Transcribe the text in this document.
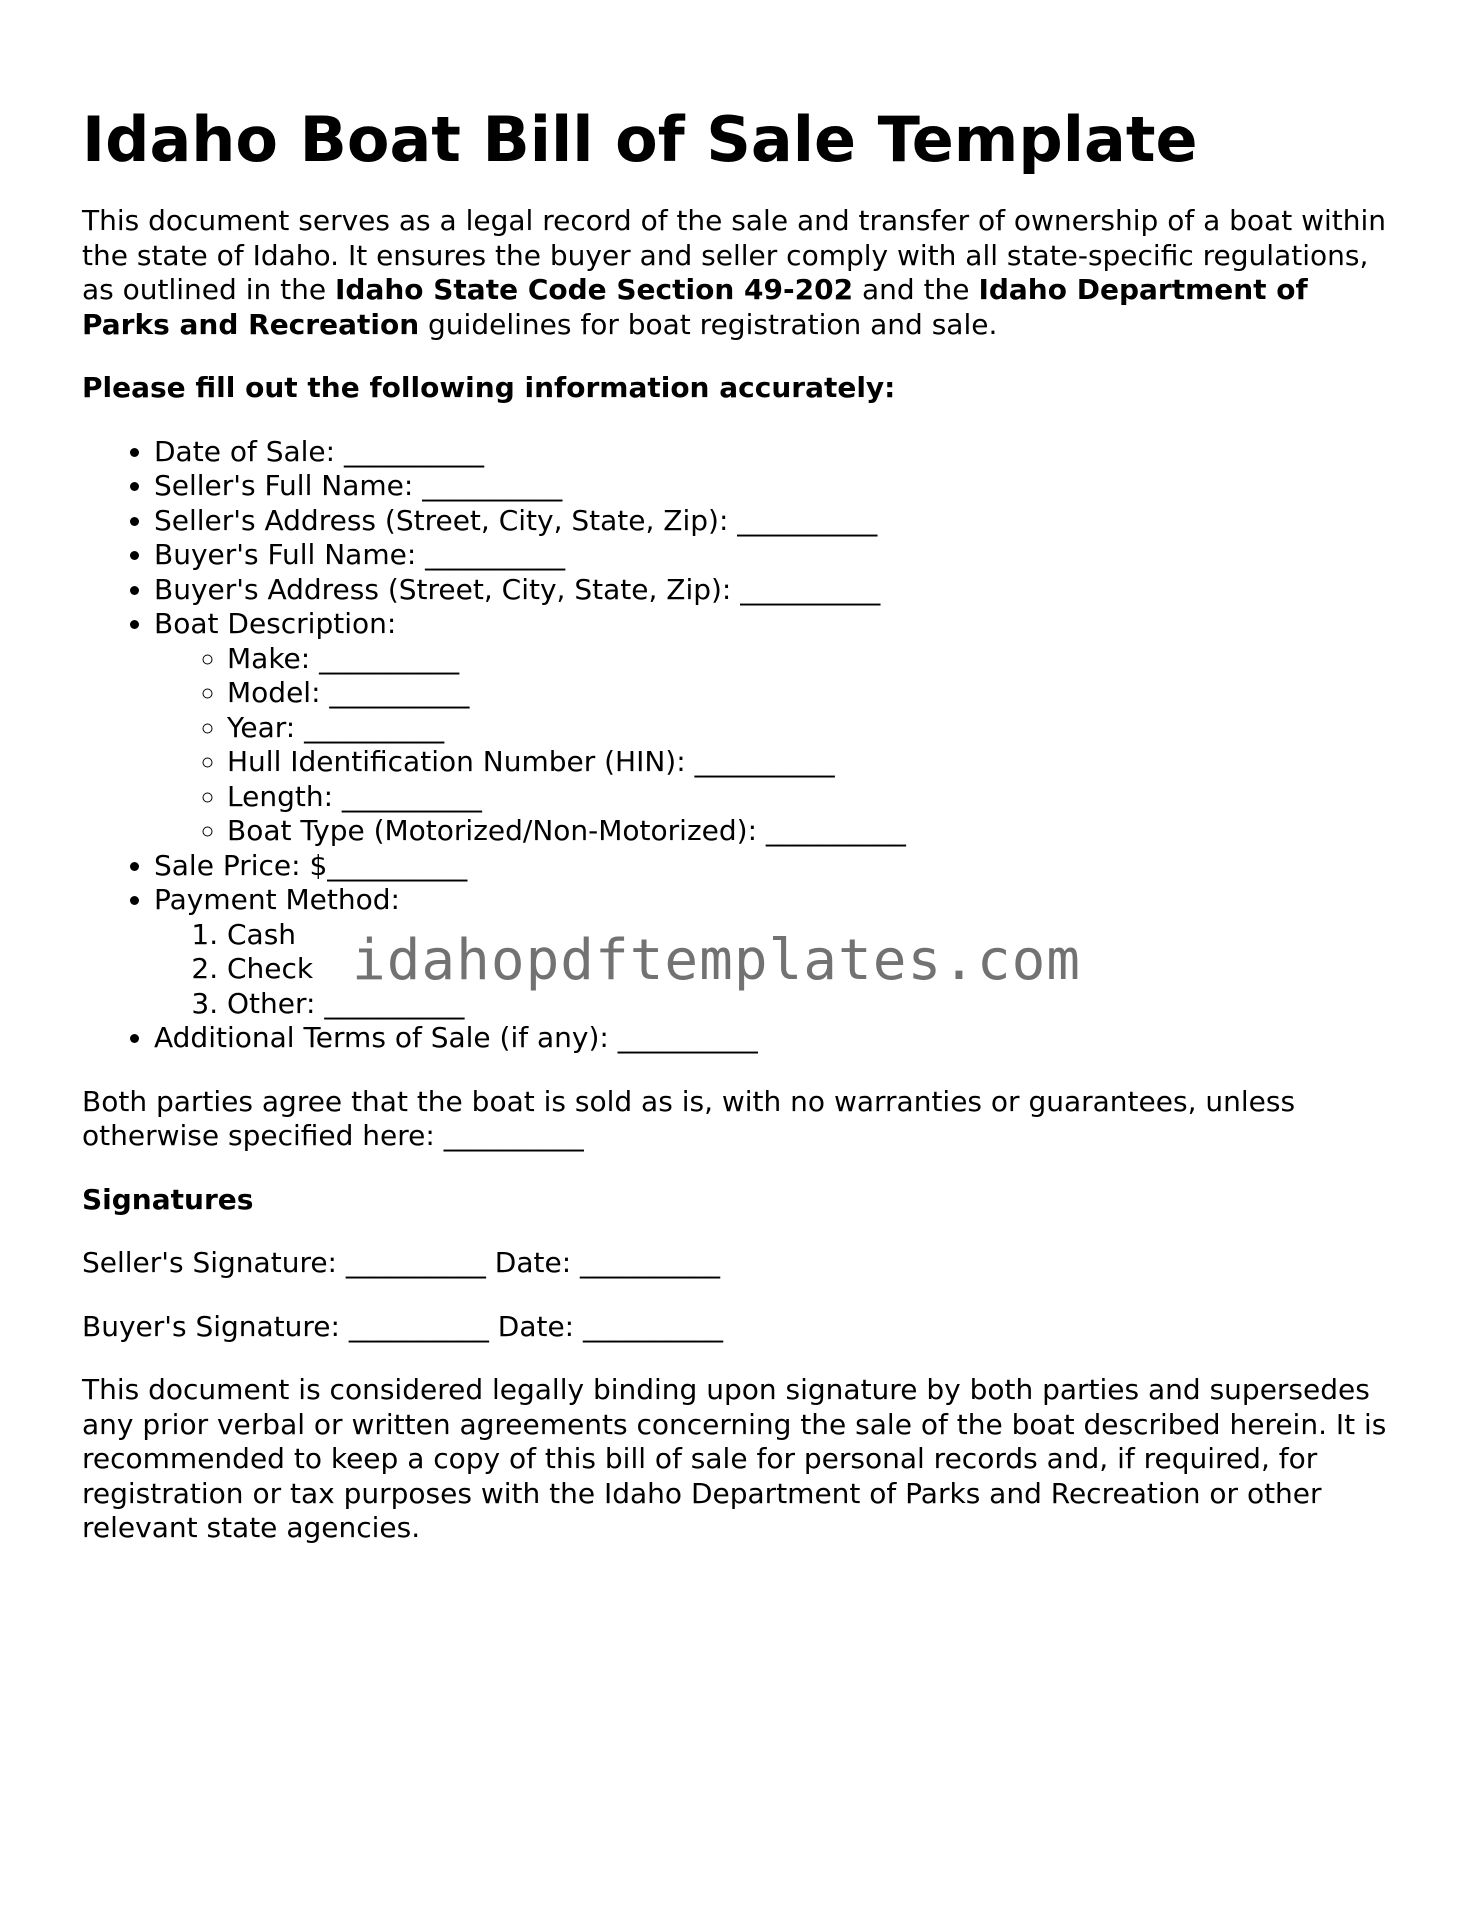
Idaho Boat Bill of Sale Template

This document serves as a legal record of the sale and transfer of ownership of a boat within the state of Idaho. It ensures the buyer and seller comply with all state-specific regulations, as outlined in the Idaho State Code Section 49-202 and the Idaho Department of Parks and Recreation guidelines for boat registration and sale.

Please fill out the following information accurately:

• Date of Sale: __________
• Seller's Full Name: __________
• Seller's Address (Street, City, State, Zip): __________
• Buyer's Full Name: __________
• Buyer's Address (Street, City, State, Zip): __________
• Boat Description:
◦ Make: __________
◦ Model: __________
◦ Year: __________
◦ Hull Identification Number (HIN): __________
◦ Length: __________
◦ Boat Type (Motorized/Non-Motorized): __________
• Sale Price: $__________
• Payment Method:
1. Cash
2. Check
3. Other: __________
• Additional Terms of Sale (if any): __________

Both parties agree that the boat is sold as is, with no warranties or guarantees, unless otherwise specified here: __________

Signatures

Seller's Signature: __________ Date: __________

Buyer's Signature: __________ Date: __________

This document is considered legally binding upon signature by both parties and supersedes any prior verbal or written agreements concerning the sale of the boat described herein. It is recommended to keep a copy of this bill of sale for personal records and, if required, for registration or tax purposes with the Idaho Department of Parks and Recreation or other relevant state agencies.

idahopdftemplates.com
